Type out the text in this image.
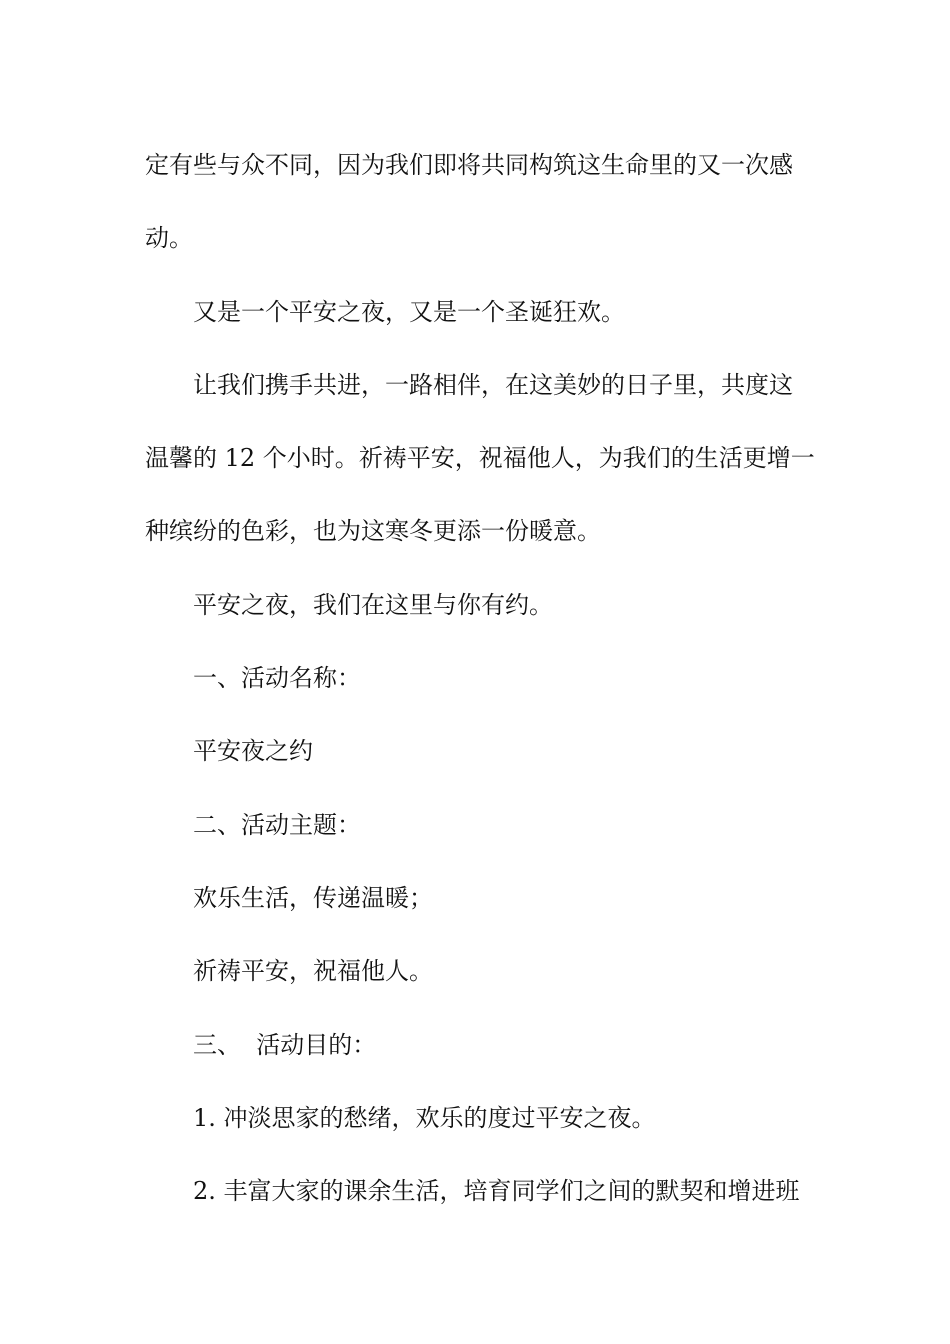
定有些与众不同，因为我们即将共同构筑这生命里的又一次感
动。

又是一个平安之夜，又是一个圣诞狂欢。

让我们携手共进，一路相伴，在这美妙的日子里，共度这
温馨的 12 个小时。祈祷平安，祝福他人，为我们的生活更增一
种缤纷的色彩，也为这寒冬更添一份暖意。

平安之夜，我们在这里与你有约。

一、活动名称：

平安夜之约

二、活动主题：

欢乐生活，传递温暖；

祈祷平安，祝福他人。

三、  活动目的：

1. 冲淡思家的愁绪，欢乐的度过平安之夜。

2. 丰富大家的课余生活，培育同学们之间的默契和增进班
